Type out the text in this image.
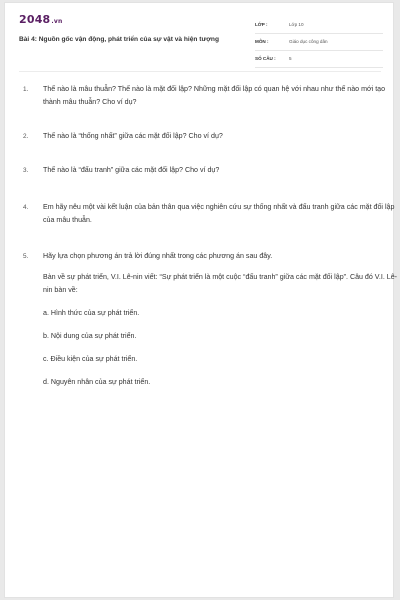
2048.vn
Bài 4: Nguồn gốc vận động, phát triển của sự vật và hiện tượng
LỚP :	Lớp 10
MÔN :	Giáo dục công dân
SỐ CÂU :	5
1. Thế nào là mâu thuẫn? Thế nào là mặt đối lập? Những mặt đối lập có quan hệ với nhau như thế nào mới tạo thành mâu thuẫn? Cho ví dụ?
2. Thế nào là “thống nhất” giữa các mặt đối lập? Cho ví dụ?
3. Thế nào là “đấu tranh” giữa các mặt đối lập? Cho ví dụ?
4. Em hãy nêu một vài kết luận của bản thân qua việc nghiên cứu sự thống nhất và đấu tranh giữa các mặt đối lập của mâu thuẫn.
5. Hãy lựa chọn phương án trả lời đúng nhất trong các phương án sau đây.
Bàn về sự phát triển, V.I. Lê-nin viết: “Sự phát triển là một cuộc “đấu tranh” giữa các mặt đối lập”. Câu đó V.I. Lê-nin bàn về:
a. Hình thức của sự phát triển.
b. Nội dung của sự phát triển.
c. Điều kiện của sự phát triển.
d. Nguyên nhân của sự phát triển.
